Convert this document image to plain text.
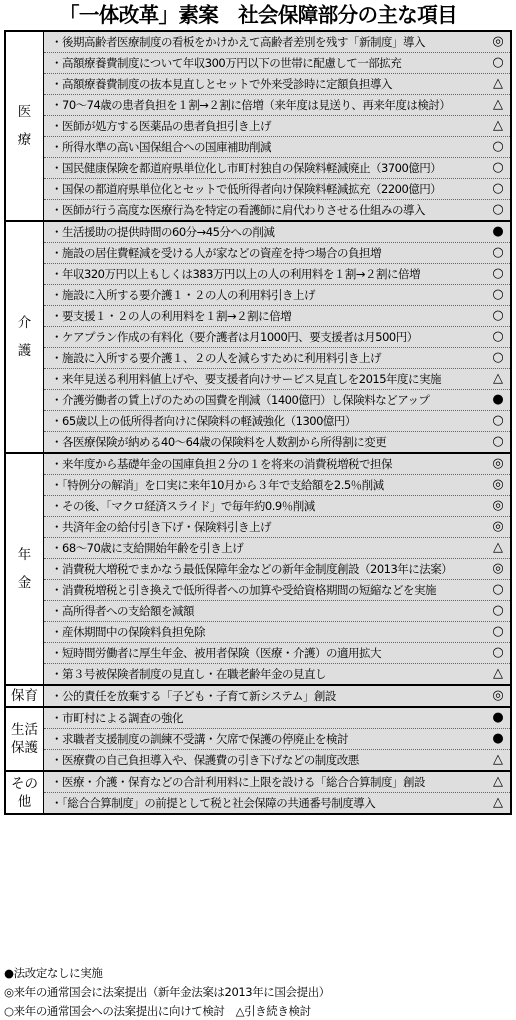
「一体改革」素案　社会保障部分の主な項目
医
療
・後期高齢者医療制度の看板をかけかえて高齢者差別を残す「新制度」導入	◎
・高額療養費制度について年収300万円以下の世帯に配慮して一部拡充	○
・高額療養費制度の抜本見直しとセットで外来受診時に定額負担導入	△
・70～74歳の患者負担を１割→２割に倍増（来年度は見送り、再来年度は検討）	△
・医師が処方する医薬品の患者負担引き上げ	△
・所得水準の高い国保組合への国庫補助削減	○
・国民健康保険を都道府県単位化し市町村独自の保険料軽減廃止（3700億円）	○
・国保の都道府県単位化とセットで低所得者向け保険料軽減拡充（2200億円）	○
・医師が行う高度な医療行為を特定の看護師に肩代わりさせる仕組みの導入	○
介
護
・生活援助の提供時間の60分→45分への削減	●
・施設の居住費軽減を受ける人が家などの資産を持つ場合の負担増	○
・年収320万円以上もしくは383万円以上の人の利用料を１割→２割に倍増	○
・施設に入所する要介護１・２の人の利用料引き上げ	○
・要支援１・２の人の利用料を１割→２割に倍増	○
・ケアプラン作成の有料化（要介護者は月1000円、要支援者は月500円）	○
・施設に入所する要介護１、２の人を減らすために利用料引き上げ	○
・来年見送る利用料値上げや、要支援者向けサービス見直しを2015年度に実施	△
・介護労働者の賃上げのための国費を削減（1400億円）し保険料などアップ	●
・65歳以上の低所得者向けに保険料の軽減強化（1300億円）	○
・各医療保険が納める40～64歳の保険料を人数割から所得割に変更	○
年
金
・来年度から基礎年金の国庫負担２分の１を将来の消費税増税で担保	◎
・「特例分の解消」を口実に来年10月から３年で支給額を2.5％削減	◎
・その後、「マクロ経済スライド」で毎年約0.9％削減	◎
・共済年金の給付引き下げ・保険料引き上げ	◎
・68～70歳に支給開始年齢を引き上げ	△
・消費税大増税でまかなう最低保障年金などの新年金制度創設（2013年に法案）	◎
・消費税増税と引き換えで低所得者への加算や受給資格期間の短縮などを実施	○
・高所得者への支給額を減額	○
・産休期間中の保険料負担免除	○
・短時間労働者に厚生年金、被用者保険（医療・介護）の適用拡大	○
・第３号被保険者制度の見直し・在職老齢年金の見直し	△
保育	・公的責任を放棄する「子ども・子育て新システム」創設	◎
生活
保護
・市町村による調査の強化	●
・求職者支援制度の訓練不受講・欠席で保護の停廃止を検討	●
・医療費の自己負担導入や、保護費の引き下げなどの制度改悪	△
その
他
・医療・介護・保育などの合計利用料に上限を設ける「総合合算制度」創設	△
・「総合合算制度」の前提として税と社会保障の共通番号制度導入	△
●法改定なしに実施
◎来年の通常国会に法案提出（新年金法案は2013年に国会提出）
○来年の通常国会への法案提出に向けて検討　△引き続き検討
